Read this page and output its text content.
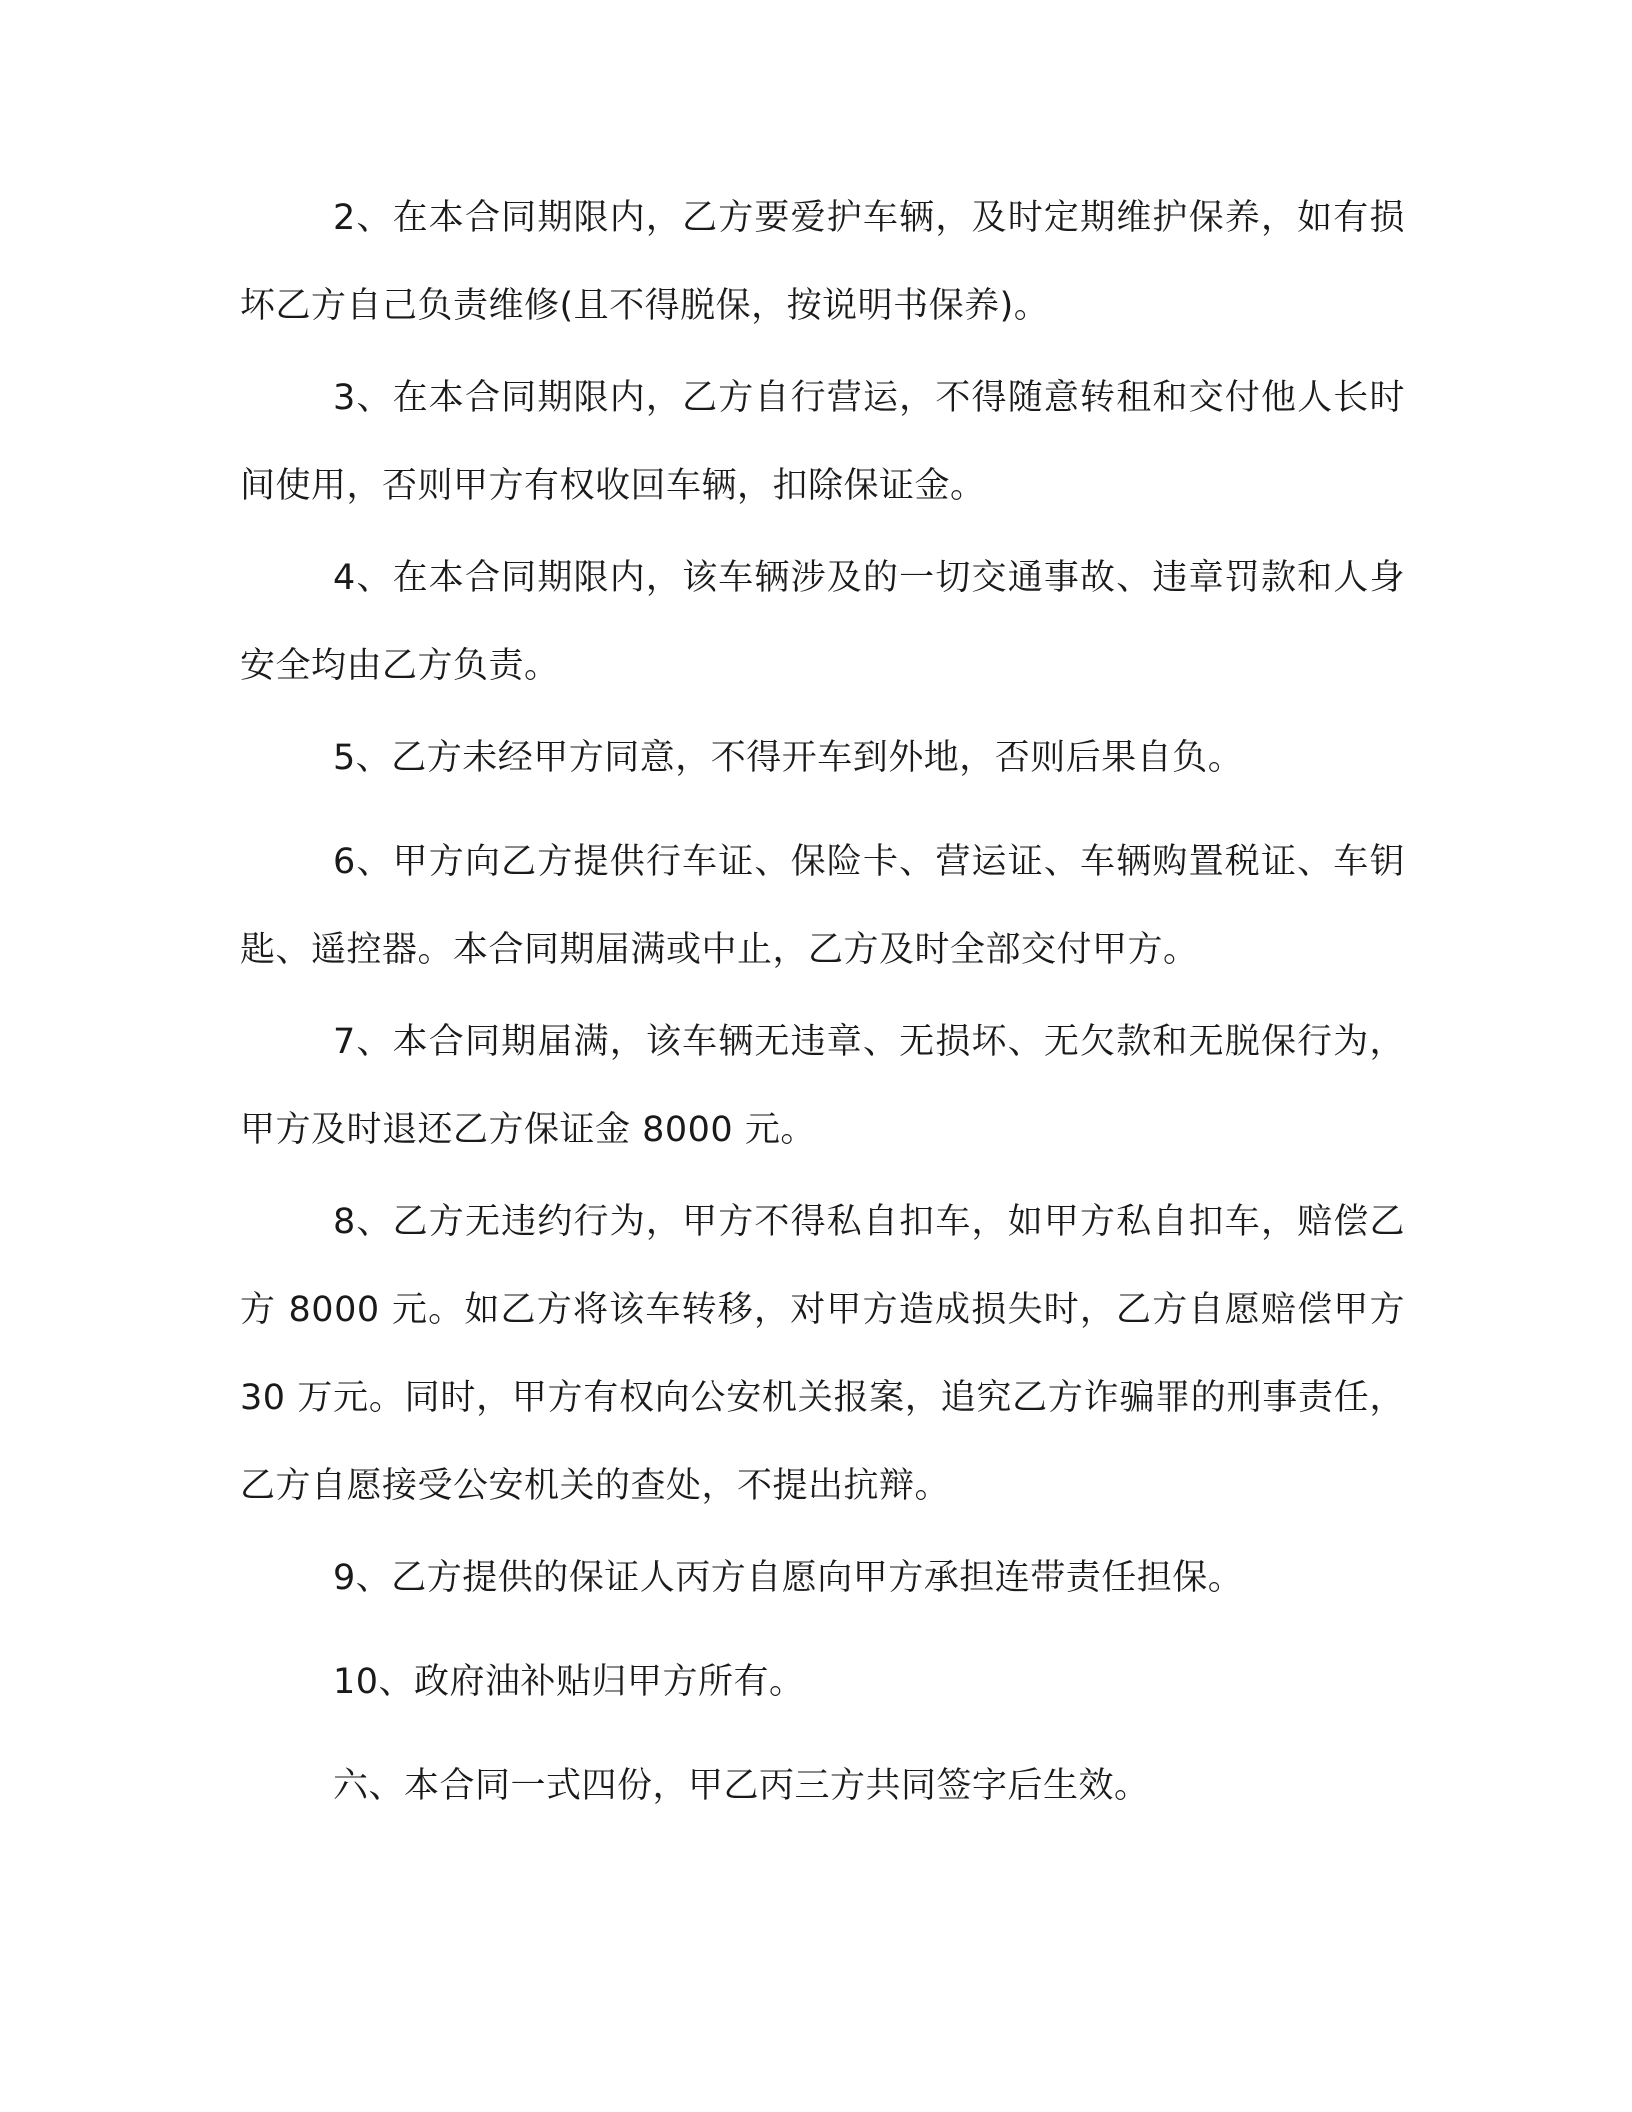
2、在本合同期限内，乙方要爱护车辆，及时定期维护保养，如有损坏乙方自己负责维修(且不得脱保，按说明书保养)。

3、在本合同期限内，乙方自行营运，不得随意转租和交付他人长时间使用，否则甲方有权收回车辆，扣除保证金。

4、在本合同期限内，该车辆涉及的一切交通事故、违章罚款和人身安全均由乙方负责。

5、乙方未经甲方同意，不得开车到外地，否则后果自负。

6、甲方向乙方提供行车证、保险卡、营运证、车辆购置税证、车钥匙、遥控器。本合同期届满或中止，乙方及时全部交付甲方。

7、本合同期届满，该车辆无违章、无损坏、无欠款和无脱保行为，甲方及时退还乙方保证金 8000 元。

8、乙方无违约行为，甲方不得私自扣车，如甲方私自扣车，赔偿乙方 8000 元。如乙方将该车转移，对甲方造成损失时，乙方自愿赔偿甲方 30 万元。同时，甲方有权向公安机关报案，追究乙方诈骗罪的刑事责任，乙方自愿接受公安机关的查处，不提出抗辩。

9、乙方提供的保证人丙方自愿向甲方承担连带责任担保。

10、政府油补贴归甲方所有。

六、本合同一式四份，甲乙丙三方共同签字后生效。
